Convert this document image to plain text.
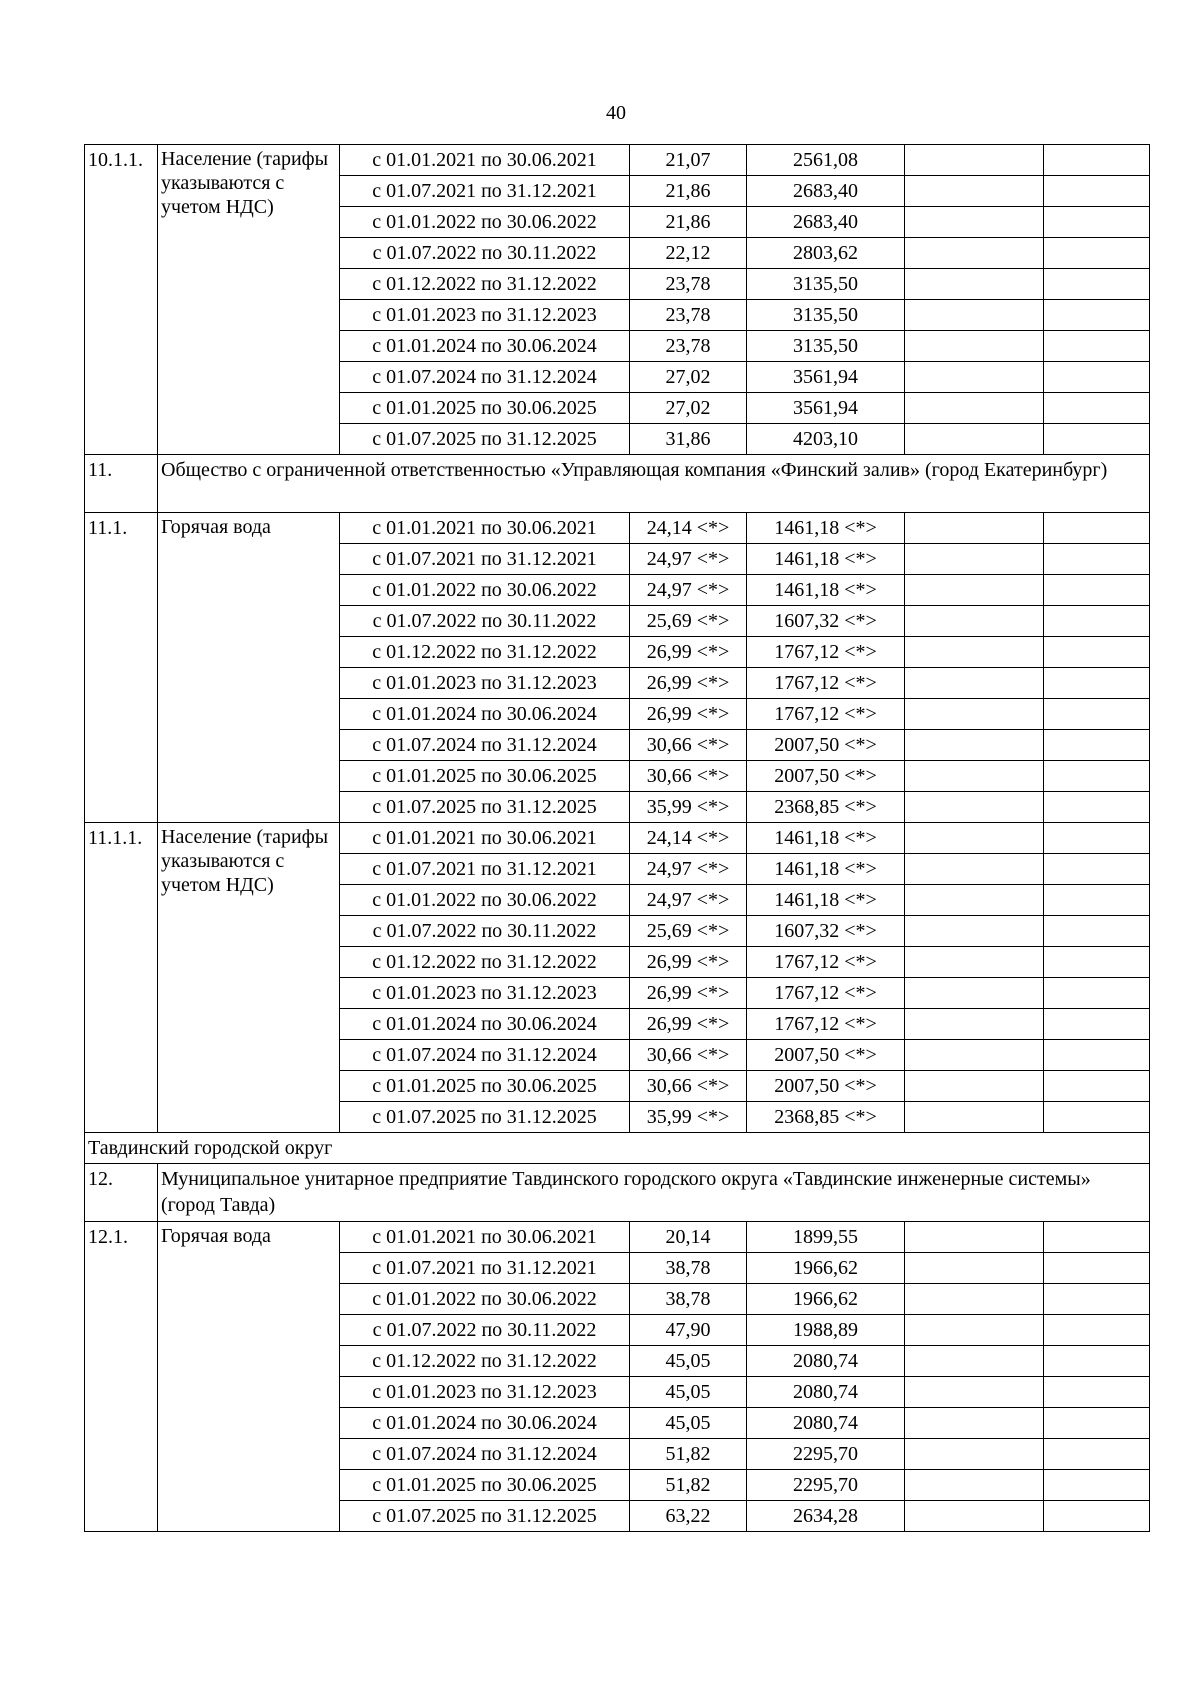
40
10.1.1.	Население (тарифы указываются с учетом НДС)	с 01.01.2021 по 30.06.2021	21,07	2561,08		
		с 01.07.2021 по 31.12.2021	21,86	2683,40		
		с 01.01.2022 по 30.06.2022	21,86	2683,40		
		с 01.07.2022 по 30.11.2022	22,12	2803,62		
		с 01.12.2022 по 31.12.2022	23,78	3135,50		
		с 01.01.2023 по 31.12.2023	23,78	3135,50		
		с 01.01.2024 по 30.06.2024	23,78	3135,50		
		с 01.07.2024 по 31.12.2024	27,02	3561,94		
		с 01.01.2025 по 30.06.2025	27,02	3561,94		
		с 01.07.2025 по 31.12.2025	31,86	4203,10		
11.	Общество с ограниченной ответственностью «Управляющая компания «Финский залив» (город Екатеринбург)					
11.1.	Горячая вода	с 01.01.2021 по 30.06.2021	24,14 <*>	1461,18 <*>		
		с 01.07.2021 по 31.12.2021	24,97 <*>	1461,18 <*>		
		с 01.01.2022 по 30.06.2022	24,97 <*>	1461,18 <*>		
		с 01.07.2022 по 30.11.2022	25,69 <*>	1607,32 <*>		
		с 01.12.2022 по 31.12.2022	26,99 <*>	1767,12 <*>		
		с 01.01.2023 по 31.12.2023	26,99 <*>	1767,12 <*>		
		с 01.01.2024 по 30.06.2024	26,99 <*>	1767,12 <*>		
		с 01.07.2024 по 31.12.2024	30,66 <*>	2007,50 <*>		
		с 01.01.2025 по 30.06.2025	30,66 <*>	2007,50 <*>		
		с 01.07.2025 по 31.12.2025	35,99 <*>	2368,85 <*>		
11.1.1.	Население (тарифы указываются с учетом НДС)	с 01.01.2021 по 30.06.2021	24,14 <*>	1461,18 <*>		
		с 01.07.2021 по 31.12.2021	24,97 <*>	1461,18 <*>		
		с 01.01.2022 по 30.06.2022	24,97 <*>	1461,18 <*>		
		с 01.07.2022 по 30.11.2022	25,69 <*>	1607,32 <*>		
		с 01.12.2022 по 31.12.2022	26,99 <*>	1767,12 <*>		
		с 01.01.2023 по 31.12.2023	26,99 <*>	1767,12 <*>		
		с 01.01.2024 по 30.06.2024	26,99 <*>	1767,12 <*>		
		с 01.07.2024 по 31.12.2024	30,66 <*>	2007,50 <*>		
		с 01.01.2025 по 30.06.2025	30,66 <*>	2007,50 <*>		
		с 01.07.2025 по 31.12.2025	35,99 <*>	2368,85 <*>		
Тавдинский городской округ						
12.	Муниципальное унитарное предприятие Тавдинского городского округа «Тавдинские инженерные системы» (город Тавда)					
12.1.	Горячая вода	с 01.01.2021 по 30.06.2021	20,14	1899,55		
		с 01.07.2021 по 31.12.2021	38,78	1966,62		
		с 01.01.2022 по 30.06.2022	38,78	1966,62		
		с 01.07.2022 по 30.11.2022	47,90	1988,89		
		с 01.12.2022 по 31.12.2022	45,05	2080,74		
		с 01.01.2023 по 31.12.2023	45,05	2080,74		
		с 01.01.2024 по 30.06.2024	45,05	2080,74		
		с 01.07.2024 по 31.12.2024	51,82	2295,70		
		с 01.01.2025 по 30.06.2025	51,82	2295,70		
		с 01.07.2025 по 31.12.2025	63,22	2634,28		
